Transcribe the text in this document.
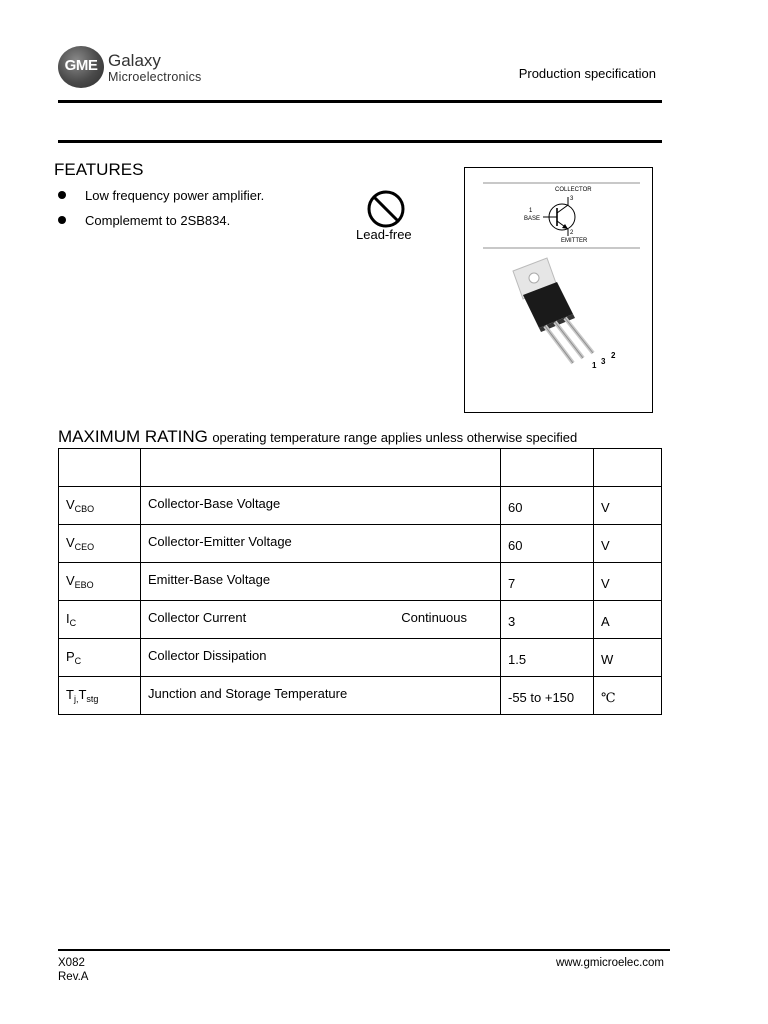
GME Galaxy
Microelectronics	Production specification
FEATURES
Low frequency power amplifier.
Complememt to 2SB834.
Lead-free
COLLECTOR
3
1
BASE
2
EMITTER
1 3
2
MAXIMUM RATING operating temperature range applies unless otherwise specified

$V_{CBO}$	Collector-Base Voltage	60	V
$V_{CEO}$	Collector-Emitter Voltage	60	V
$V_{EBO}$	Emitter-Base Voltage	7	V
$I_C$	Collector Current Continuous	3	A
$P_C$	Collector Dissipation	1.5	W
$T_{j,}T_{stg}$	Junction and Storage Temperature	-55 to +150	℃
X082
Rev.A
www.gmicroelec.com
